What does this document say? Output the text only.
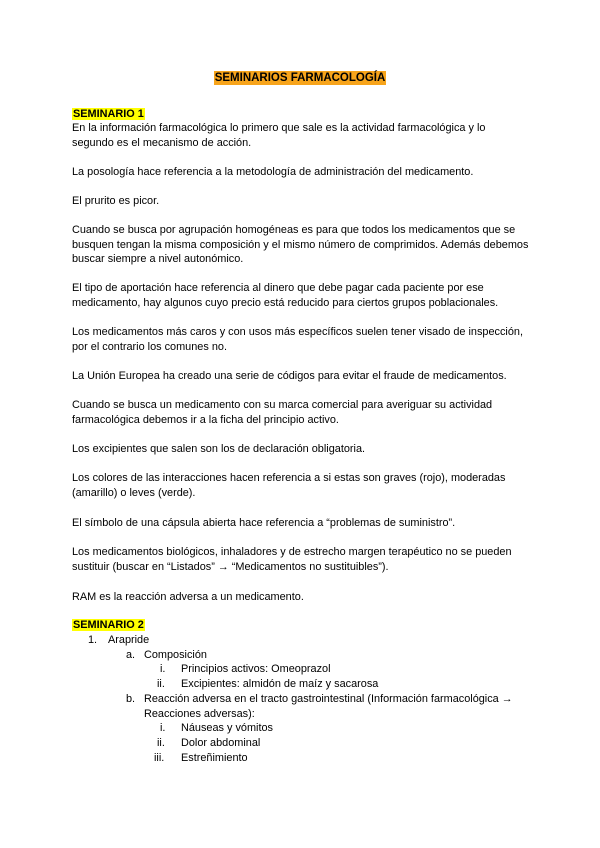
SEMINARIOS FARMACOLOGÍA
SEMINARIO 1
En la información farmacológica lo primero que sale es la actividad farmacológica y lo segundo es el mecanismo de acción.
La posología hace referencia a la metodología de administración del medicamento.
El prurito es picor.
Cuando se busca por agrupación homogéneas es para que todos los medicamentos que se busquen tengan la misma composición y el mismo número de comprimidos. Además debemos buscar siempre a nivel autonómico.
El tipo de aportación hace referencia al dinero que debe pagar cada paciente por ese medicamento, hay algunos cuyo precio está reducido para ciertos grupos poblacionales.
Los medicamentos más caros y con usos más específicos suelen tener visado de inspección, por el contrario los comunes no.
La Unión Europea ha creado una serie de códigos para evitar el fraude de medicamentos.
Cuando se busca un medicamento con su marca comercial para averiguar su actividad farmacológica debemos ir a la ficha del principio activo.
Los excipientes que salen son los de declaración obligatoria.
Los colores de las interacciones hacen referencia a si estas son graves (rojo), moderadas (amarillo) o leves (verde).
El símbolo de una cápsula abierta hace referencia a “problemas de suministro”.
Los medicamentos biológicos, inhaladores y de estrecho margen terapéutico no se pueden sustituir (buscar en “Listados” → “Medicamentos no sustituibles”).
RAM es la reacción adversa a un medicamento.
SEMINARIO 2
1. Arapride
a. Composición
i. Principios activos: Omeoprazol
ii. Excipientes: almidón de maíz y sacarosa
b. Reacción adversa en el tracto gastrointestinal (Información farmacológica → Reacciones adversas):
i. Náuseas y vómitos
ii. Dolor abdominal
iii. Estreñimiento
